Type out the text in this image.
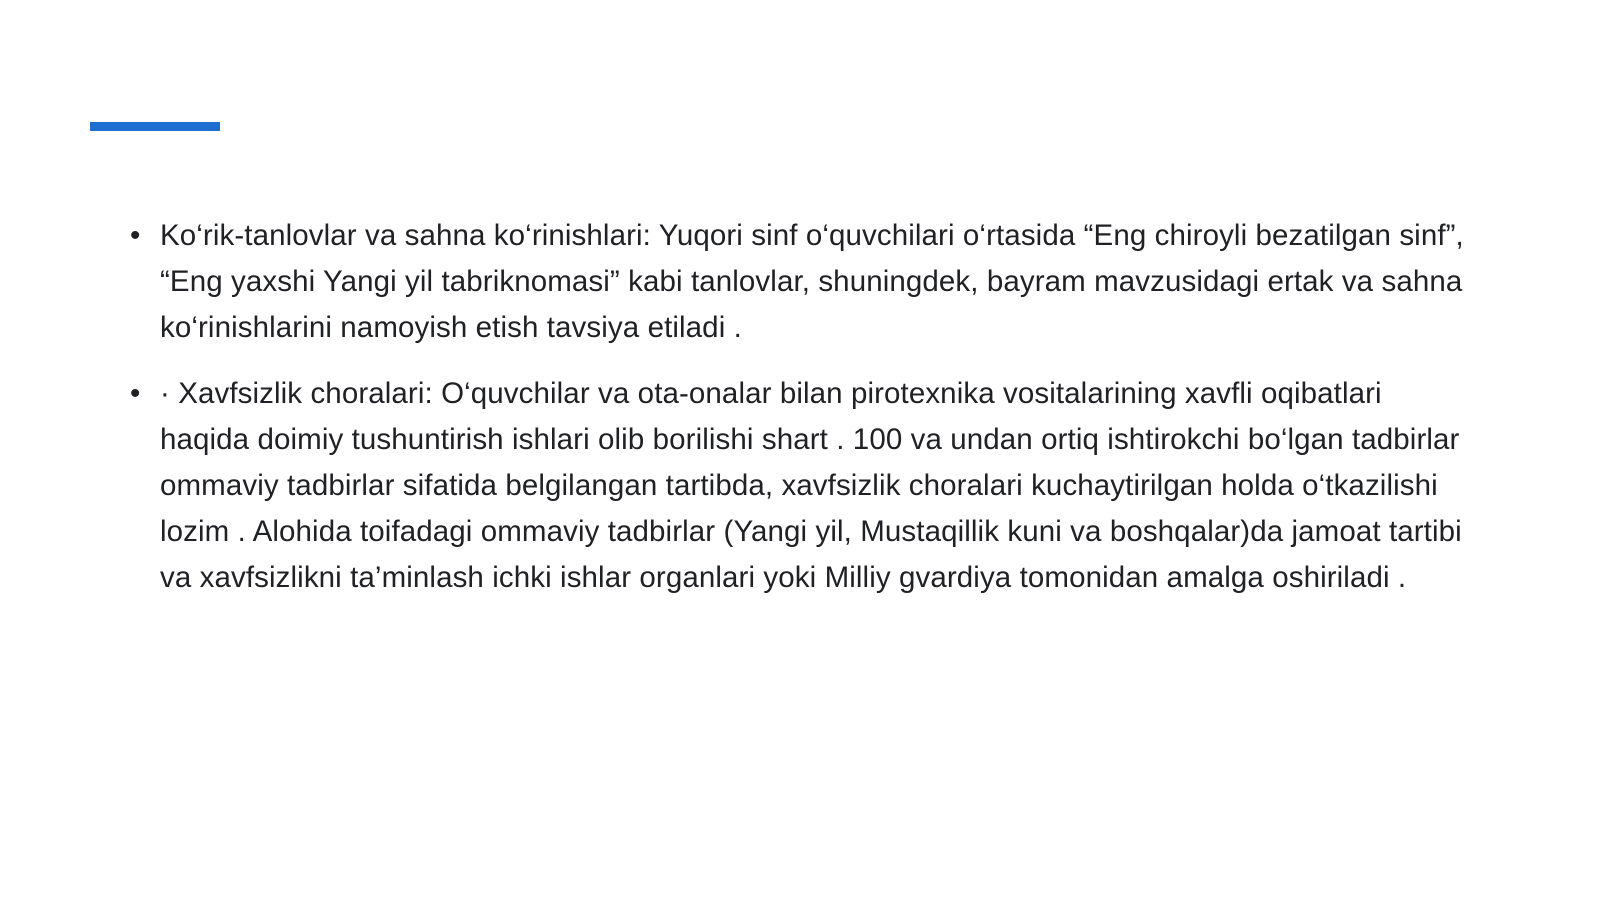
• Ko‘rik-tanlovlar va sahna ko‘rinishlari: Yuqori sinf o‘quvchilari o‘rtasida “Eng chiroyli bezatilgan sinf”, “Eng yaxshi Yangi yil tabriknomasi” kabi tanlovlar, shuningdek, bayram mavzusidagi ertak va sahna ko‘rinishlarini namoyish etish tavsiya etiladi .
• · Xavfsizlik choralari: O‘quvchilar va ota-onalar bilan pirotexnika vositalarining xavfli oqibatlari haqida doimiy tushuntirish ishlari olib borilishi shart . 100 va undan ortiq ishtirokchi bo‘lgan tadbirlar ommaviy tadbirlar sifatida belgilangan tartibda, xavfsizlik choralari kuchaytirilgan holda o‘tkazilishi lozim . Alohida toifadagi ommaviy tadbirlar (Yangi yil, Mustaqillik kuni va boshqalar)da jamoat tartibi va xavfsizlikni ta’minlash ichki ishlar organlari yoki Milliy gvardiya tomonidan amalga oshiriladi .
